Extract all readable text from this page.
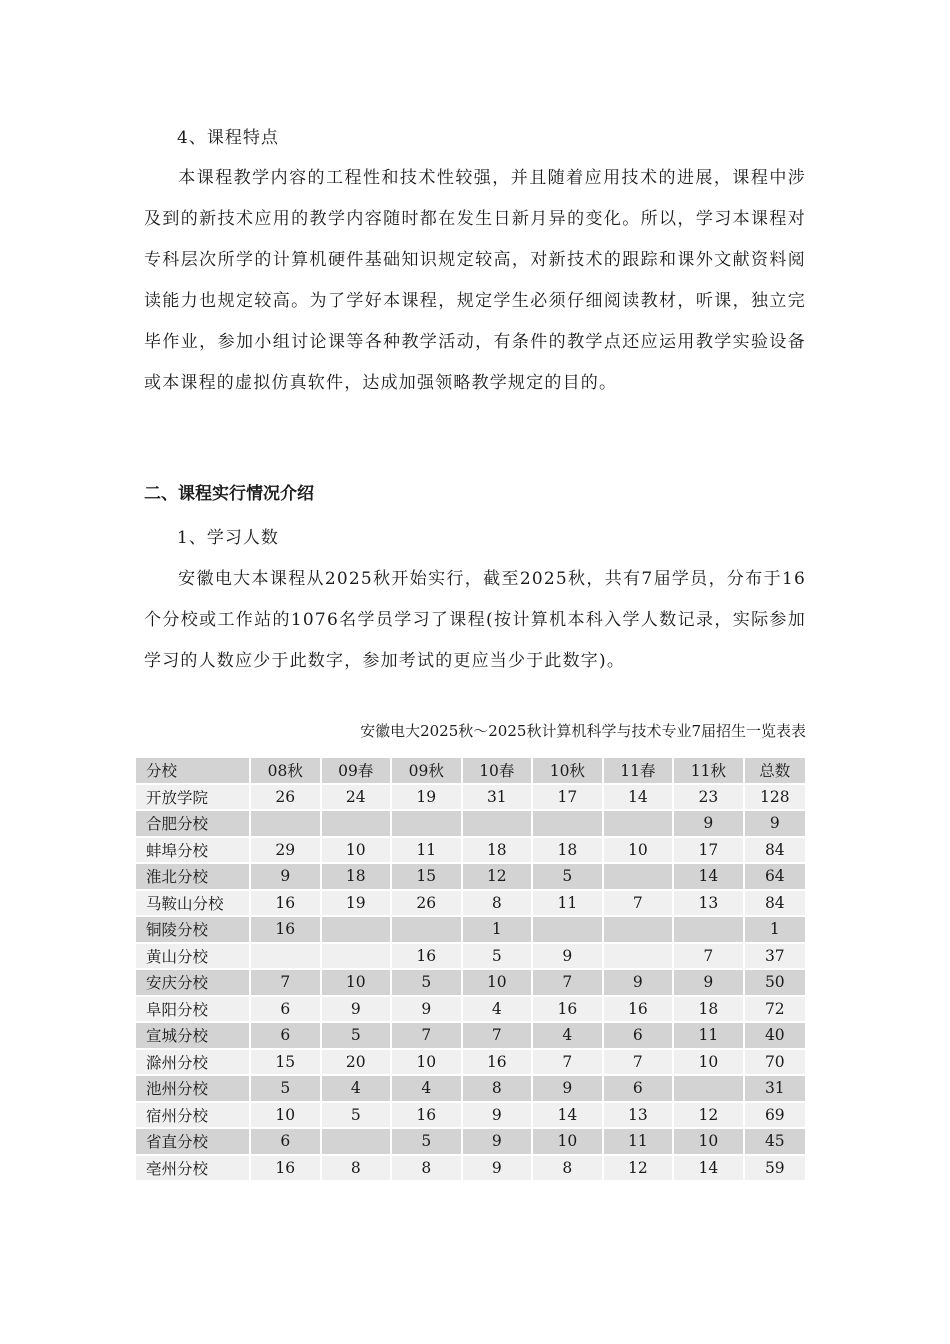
4、课程特点

本课程教学内容的工程性和技术性较强，并且随着应用技术的进展，课程中涉及到的新技术应用的教学内容随时都在发生日新月异的变化。所以，学习本课程对专科层次所学的计算机硬件基础知识规定较高，对新技术的跟踪和课外文献资料阅读能力也规定较高。为了学好本课程，规定学生必须仔细阅读教材，听课，独立完毕作业，参加小组讨论课等各种教学活动，有条件的教学点还应运用教学实验设备或本课程的虚拟仿真软件，达成加强领略教学规定的目的。

二、课程实行情况介绍
1、学习人数

安徽电大本课程从2025秋开始实行，截至2025秋，共有7届学员，分布于16个分校或工作站的1076名学员学习了课程(按计算机本科入学人数记录，实际参加学习的人数应少于此数字，参加考试的更应当少于此数字)。

安徽电大2025秋～2025秋计算机科学与技术专业7届招生一览表表
分校	08秋	09春	09秋	10春	10秋	11春	11秋	总数
开放学院	26	24	19	31	17	14	23	128
合肥分校							9	9
蚌埠分校	29	10	11	18	18	10	17	84
淮北分校	9	18	15	12	5		14	64
马鞍山分校	16	19	26	8	11	7	13	84
铜陵分校	16			1				1
黄山分校			16	5	9		7	37
安庆分校	7	10	5	10	7	9	9	50
阜阳分校	6	9	9	4	16	16	18	72
宣城分校	6	5	7	7	4	6	11	40
滁州分校	15	20	10	16	7	7	10	70
池州分校	5	4	4	8	9	6		31
宿州分校	10	5	16	9	14	13	12	69
省直分校	6		5	9	10	11	10	45
亳州分校	16	8	8	9	8	12	14	59
